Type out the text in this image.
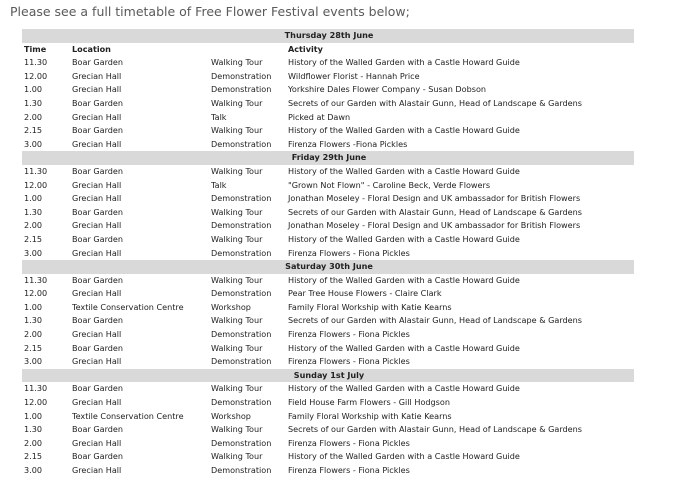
Please see a full timetable of Free Flower Festival events below;
Thursday 28th June			
Time	Location		Activity
11.30	Boar Garden	Walking Tour	History of the Walled Garden with a Castle Howard Guide
12.00	Grecian Hall	Demonstration	Wildflower Florist - Hannah Price
1.00	Grecian Hall	Demonstration	Yorkshire Dales Flower Company - Susan Dobson
1.30	Boar Garden	Walking Tour	Secrets of our Garden with Alastair Gunn, Head of Landscape & Gardens
2.00	Grecian Hall	Talk	Picked at Dawn
2.15	Boar Garden	Walking Tour	History of the Walled Garden with a Castle Howard Guide
3.00	Grecian Hall	Demonstration	Firenza Flowers -Fiona Pickles
Friday 29th June			
11.30	Boar Garden	Walking Tour	History of the Walled Garden with a Castle Howard Guide
12.00	Grecian Hall	Talk	"Grown Not Flown" - Caroline Beck, Verde Flowers
1.00	Grecian Hall	Demonstration	Jonathan Moseley - Floral Design and UK ambassador for British Flowers
1.30	Boar Garden	Walking Tour	Secrets of our Garden with Alastair Gunn, Head of Landscape & Gardens
2.00	Grecian Hall	Demonstration	Jonathan Moseley - Floral Design and UK ambassador for British Flowers
2.15	Boar Garden	Walking Tour	History of the Walled Garden with a Castle Howard Guide
3.00	Grecian Hall	Demonstration	Firenza Flowers - Fiona Pickles
Saturday 30th June			
11.30	Boar Garden	Walking Tour	History of the Walled Garden with a Castle Howard Guide
12.00	Grecian Hall	Demonstration	Pear Tree House Flowers - Claire Clark
1.00	Textile Conservation Centre	Workshop	Family Floral Workship with Katie Kearns
1.30	Boar Garden	Walking Tour	Secrets of our Garden with Alastair Gunn, Head of Landscape & Gardens
2.00	Grecian Hall	Demonstration	Firenza Flowers - Fiona Pickles
2.15	Boar Garden	Walking Tour	History of the Walled Garden with a Castle Howard Guide
3.00	Grecian Hall	Demonstration	Firenza Flowers - Fiona Pickles
Sunday 1st July			
11.30	Boar Garden	Walking Tour	History of the Walled Garden with a Castle Howard Guide
12.00	Grecian Hall	Demonstration	Field House Farm Flowers - Gill Hodgson
1.00	Textile Conservation Centre	Workshop	Family Floral Workship with Katie Kearns
1.30	Boar Garden	Walking Tour	Secrets of our Garden with Alastair Gunn, Head of Landscape & Gardens
2.00	Grecian Hall	Demonstration	Firenza Flowers - Fiona Pickles
2.15	Boar Garden	Walking Tour	History of the Walled Garden with a Castle Howard Guide
3.00	Grecian Hall	Demonstration	Firenza Flowers - Fiona Pickles
